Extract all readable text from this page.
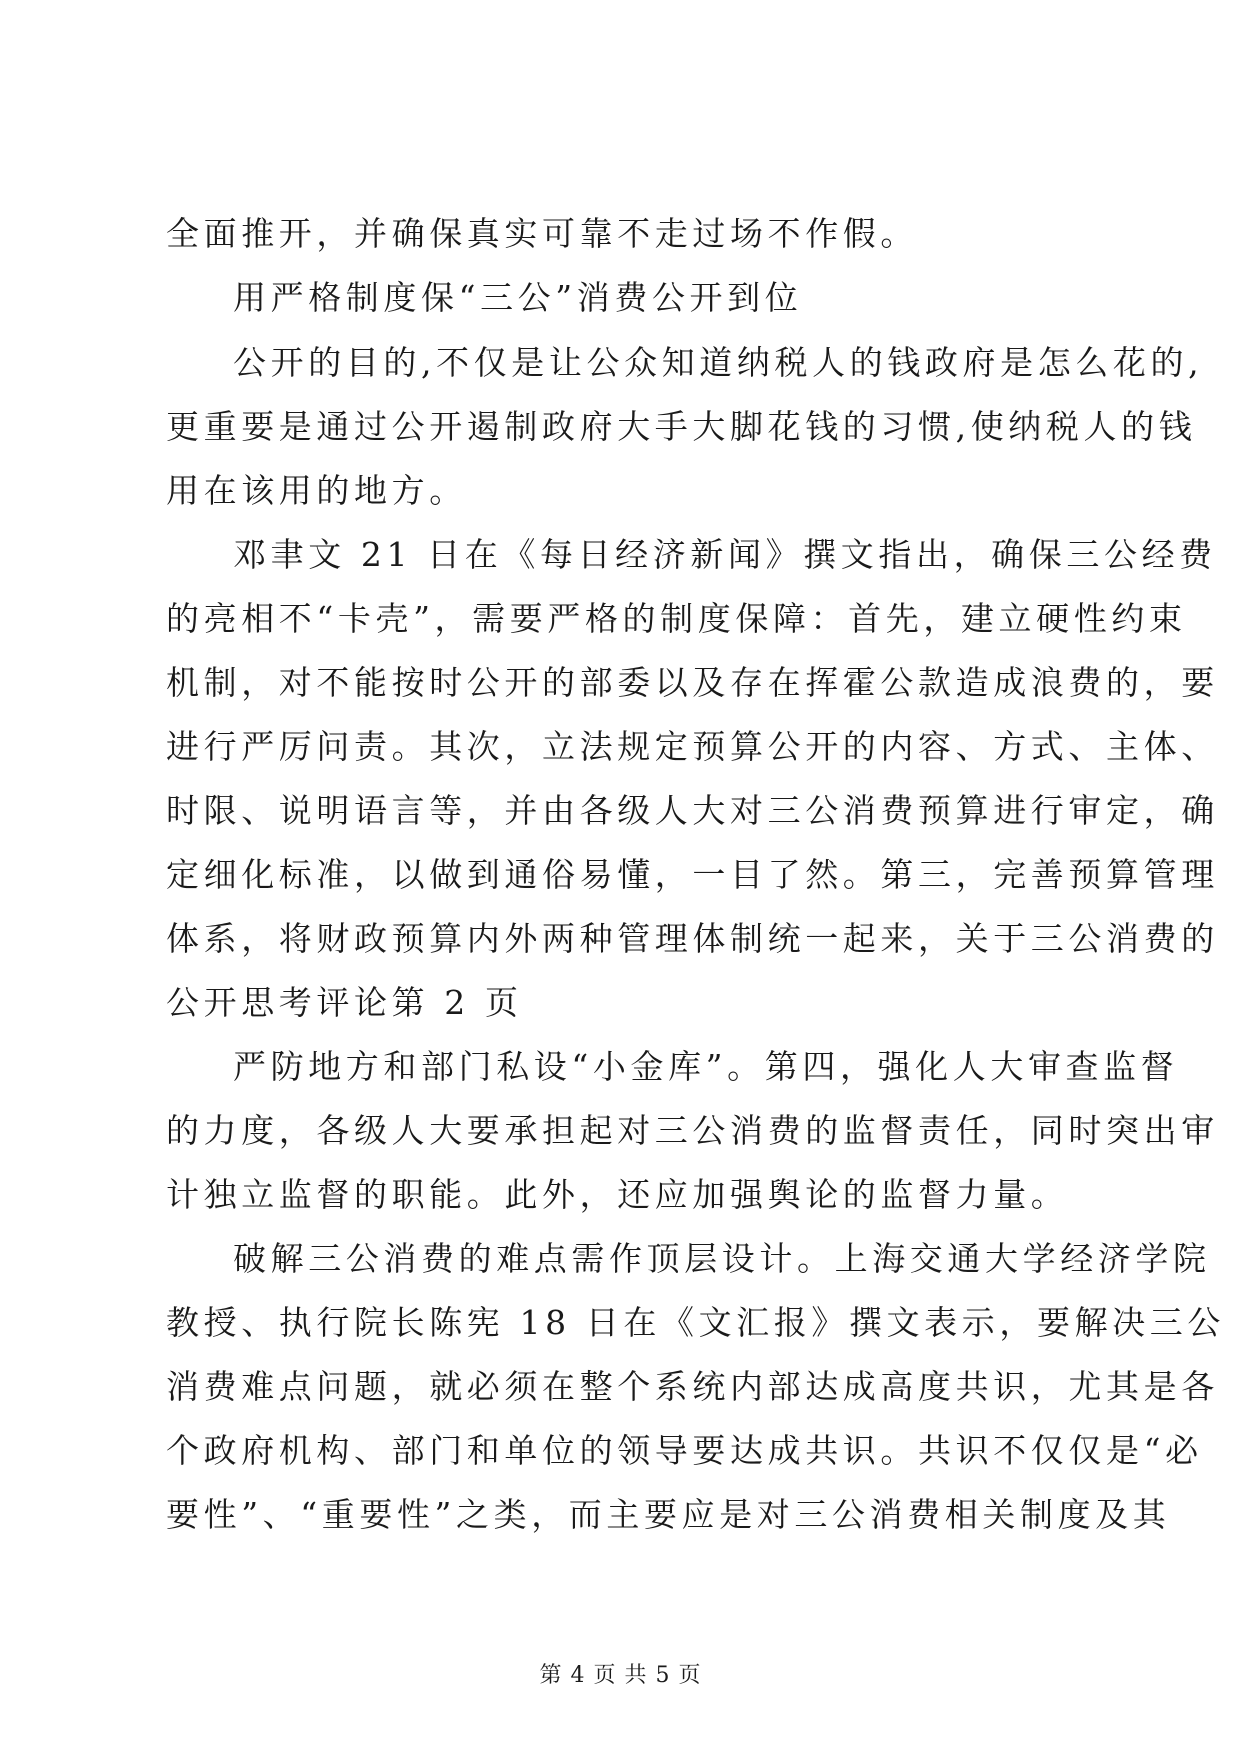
全面推开，并确保真实可靠不走过场不作假。
用严格制度保“三公”消费公开到位
公开的目的,不仅是让公众知道纳税人的钱政府是怎么花的,
更重要是通过公开遏制政府大手大脚花钱的习惯,使纳税人的钱
用在该用的地方。
邓聿文 21 日在《每日经济新闻》撰文指出，确保三公经费
的亮相不“卡壳”，需要严格的制度保障：首先，建立硬性约束
机制，对不能按时公开的部委以及存在挥霍公款造成浪费的，要
进行严厉问责。其次，立法规定预算公开的内容、方式、主体、
时限、说明语言等，并由各级人大对三公消费预算进行审定，确
定细化标准，以做到通俗易懂，一目了然。第三，完善预算管理
体系，将财政预算内外两种管理体制统一起来，关于三公消费的
公开思考评论第 2 页
严防地方和部门私设“小金库”。第四，强化人大审查监督
的力度，各级人大要承担起对三公消费的监督责任，同时突出审
计独立监督的职能。此外，还应加强舆论的监督力量。
破解三公消费的难点需作顶层设计。上海交通大学经济学院
教授、执行院长陈宪 18 日在《文汇报》撰文表示，要解决三公
消费难点问题，就必须在整个系统内部达成高度共识，尤其是各
个政府机构、部门和单位的领导要达成共识。共识不仅仅是“必
要性”、“重要性”之类，而主要应是对三公消费相关制度及其
第 4 页 共 5 页
